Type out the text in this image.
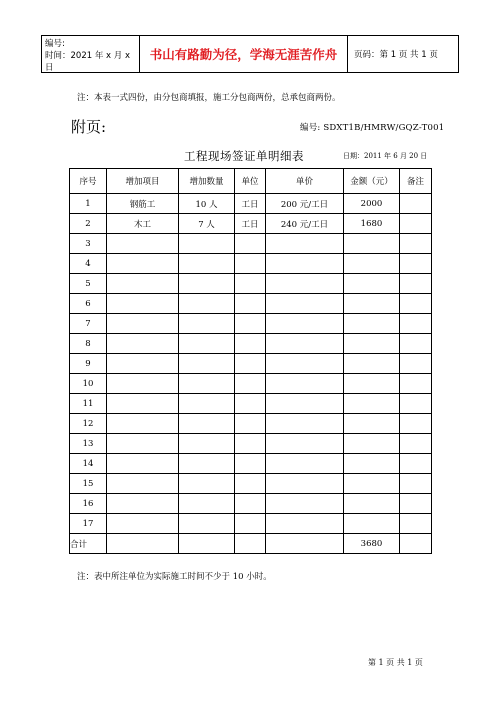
编号:
时间：2021 年 x 月 x 日
书山有路勤为径，学海无涯苦作舟	页码：第 1 页 共 1 页
注：本表一式四份，由分包商填报，施工分包商两份，总承包商两份。
附页:	编号: SDXT1B/HMRW/GQZ-T001
工程现场签证单明细表	日期：2011 年 6 月 20 日
序号	增加项目	增加数量	单位	单价	金额（元）	备注
1	钢筋工	10 人	工日	200 元/工日	2000	
2	木工	7 人	工日	240 元/工日	1680	
3						
4						
5						
6						
7						
8						
9						
10						
11						
12						
13						
14						
15						
16						
17						
合计					3680	
注：表中所注单位为实际施工时间不少于 10 小时。
第 1 页 共 1 页
